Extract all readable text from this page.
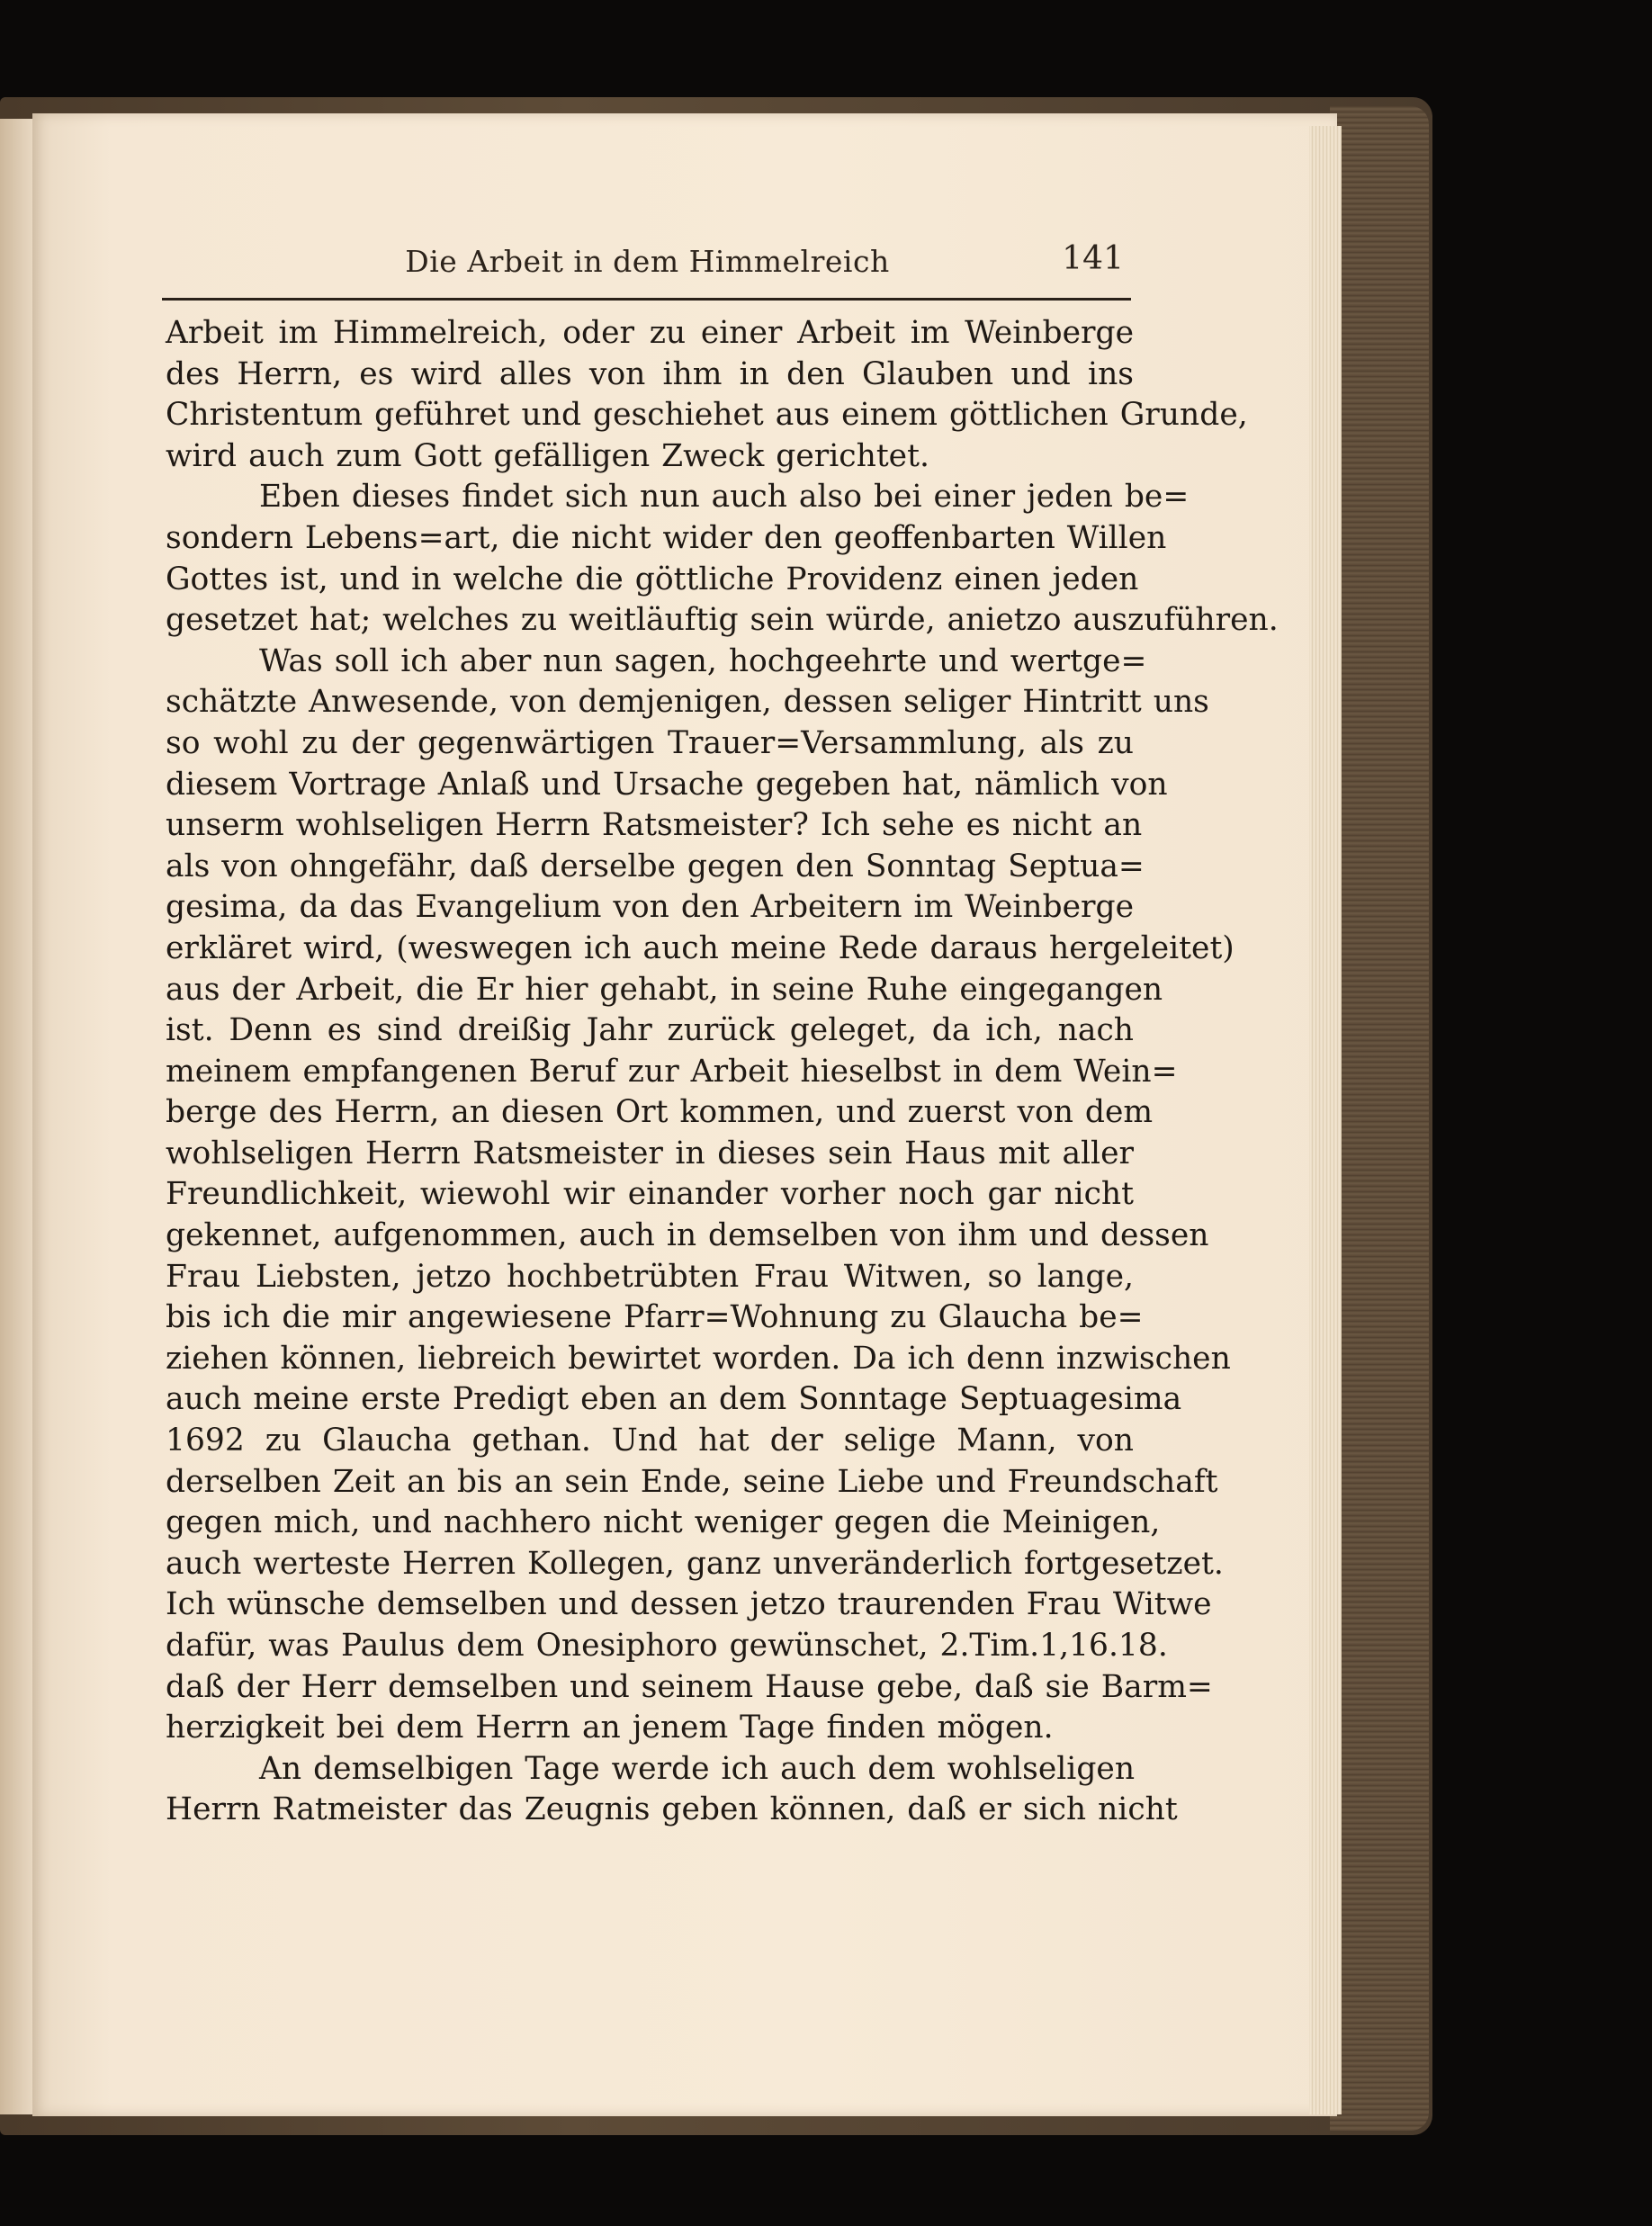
Die Arbeit in dem Himmelreich	141
Arbeit im Himmelreich, oder zu einer Arbeit im Weinberge
des Herrn, es wird alles von ihm in den Glauben und ins
Christentum geführet und geschiehet aus einem göttlichen Grunde,
wird auch zum Gott gefälligen Zweck gerichtet.
Eben dieses findet sich nun auch also bei einer jeden be=
sondern Lebens=art, die nicht wider den geoffenbarten Willen
Gottes ist, und in welche die göttliche Providenz einen jeden
gesetzet hat; welches zu weitläuftig sein würde, anietzo auszuführen.
Was soll ich aber nun sagen, hochgeehrte und wertge=
schätzte Anwesende, von demjenigen, dessen seliger Hintritt uns
so wohl zu der gegenwärtigen Trauer=Versammlung, als zu
diesem Vortrage Anlaß und Ursache gegeben hat, nämlich von
unserm wohlseligen Herrn Ratsmeister? Ich sehe es nicht an
als von ohngefähr, daß derselbe gegen den Sonntag Septua=
gesima, da das Evangelium von den Arbeitern im Weinberge
erkläret wird, (weswegen ich auch meine Rede daraus hergeleitet)
aus der Arbeit, die Er hier gehabt, in seine Ruhe eingegangen
ist. Denn es sind dreißig Jahr zurück geleget, da ich, nach
meinem empfangenen Beruf zur Arbeit hieselbst in dem Wein=
berge des Herrn, an diesen Ort kommen, und zuerst von dem
wohlseligen Herrn Ratsmeister in dieses sein Haus mit aller
Freundlichkeit, wiewohl wir einander vorher noch gar nicht
gekennet, aufgenommen, auch in demselben von ihm und dessen
Frau Liebsten, jetzo hochbetrübten Frau Witwen, so lange,
bis ich die mir angewiesene Pfarr=Wohnung zu Glaucha be=
ziehen können, liebreich bewirtet worden. Da ich denn inzwischen
auch meine erste Predigt eben an dem Sonntage Septuagesima
1692 zu Glaucha gethan. Und hat der selige Mann, von
derselben Zeit an bis an sein Ende, seine Liebe und Freundschaft
gegen mich, und nachhero nicht weniger gegen die Meinigen,
auch werteste Herren Kollegen, ganz unveränderlich fortgesetzet.
Ich wünsche demselben und dessen jetzo traurenden Frau Witwe
dafür, was Paulus dem Onesiphoro gewünschet, 2.Tim.1,16.18.
daß der Herr demselben und seinem Hause gebe, daß sie Barm=
herzigkeit bei dem Herrn an jenem Tage finden mögen.
An demselbigen Tage werde ich auch dem wohlseligen
Herrn Ratmeister das Zeugnis geben können, daß er sich nicht
